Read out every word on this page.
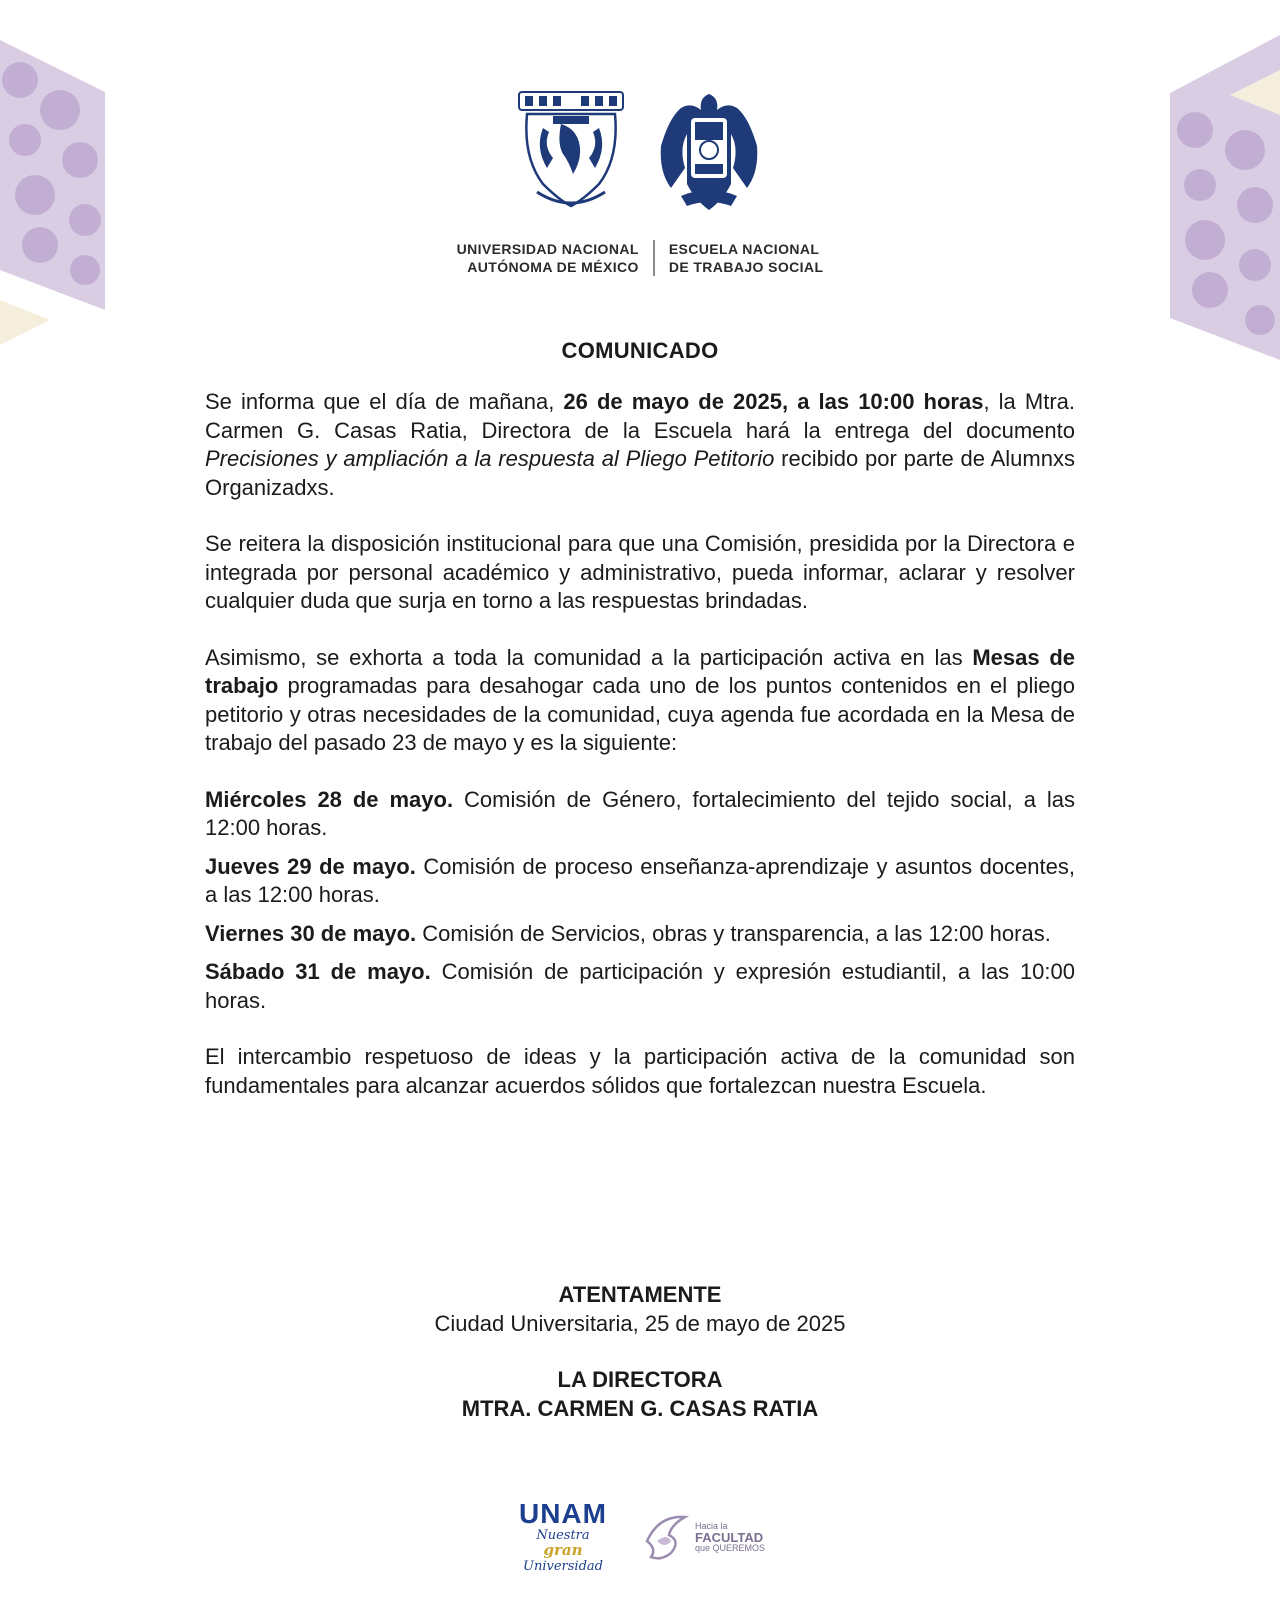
UNIVERSIDAD NACIONAL
AUTÓNOMA DE MÉXICO
ESCUELA NACIONAL
DE TRABAJO SOCIAL
COMUNICADO

Se informa que el día de mañana, 26 de mayo de 2025, a las 10:00 horas, la Mtra. Carmen G. Casas Ratia, Directora de la Escuela hará la entrega del documento Precisiones y ampliación a la respuesta al Pliego Petitorio recibido por parte de Alumnxs Organizadxs.

Se reitera la disposición institucional para que una Comisión, presidida por la Directora e integrada por personal académico y administrativo, pueda informar, aclarar y resolver cualquier duda que surja en torno a las respuestas brindadas.

Asimismo, se exhorta a toda la comunidad a la participación activa en las Mesas de trabajo programadas para desahogar cada uno de los puntos contenidos en el pliego petitorio y otras necesidades de la comunidad, cuya agenda fue acordada en la Mesa de trabajo del pasado 23 de mayo y es la siguiente:

Miércoles 28 de mayo. Comisión de Género, fortalecimiento del tejido social, a las 12:00 horas.

Jueves 29 de mayo. Comisión de proceso enseñanza-aprendizaje y asuntos docentes, a las 12:00 horas.

Viernes 30 de mayo. Comisión de Servicios, obras y transparencia, a las 12:00 horas.

Sábado 31 de mayo. Comisión de participación y expresión estudiantil, a las 10:00 horas.

El intercambio respetuoso de ideas y la participación activa de la comunidad son fundamentales para alcanzar acuerdos sólidos que fortalezcan nuestra Escuela.

ATENTAMENTE
Ciudad Universitaria, 25 de mayo de 2025
LA DIRECTORA
MTRA. CARMEN G. CASAS RATIA
UNAM
Nuestra gran
Universidad
Hacia la
FACULTAD
que QUEREMOS
